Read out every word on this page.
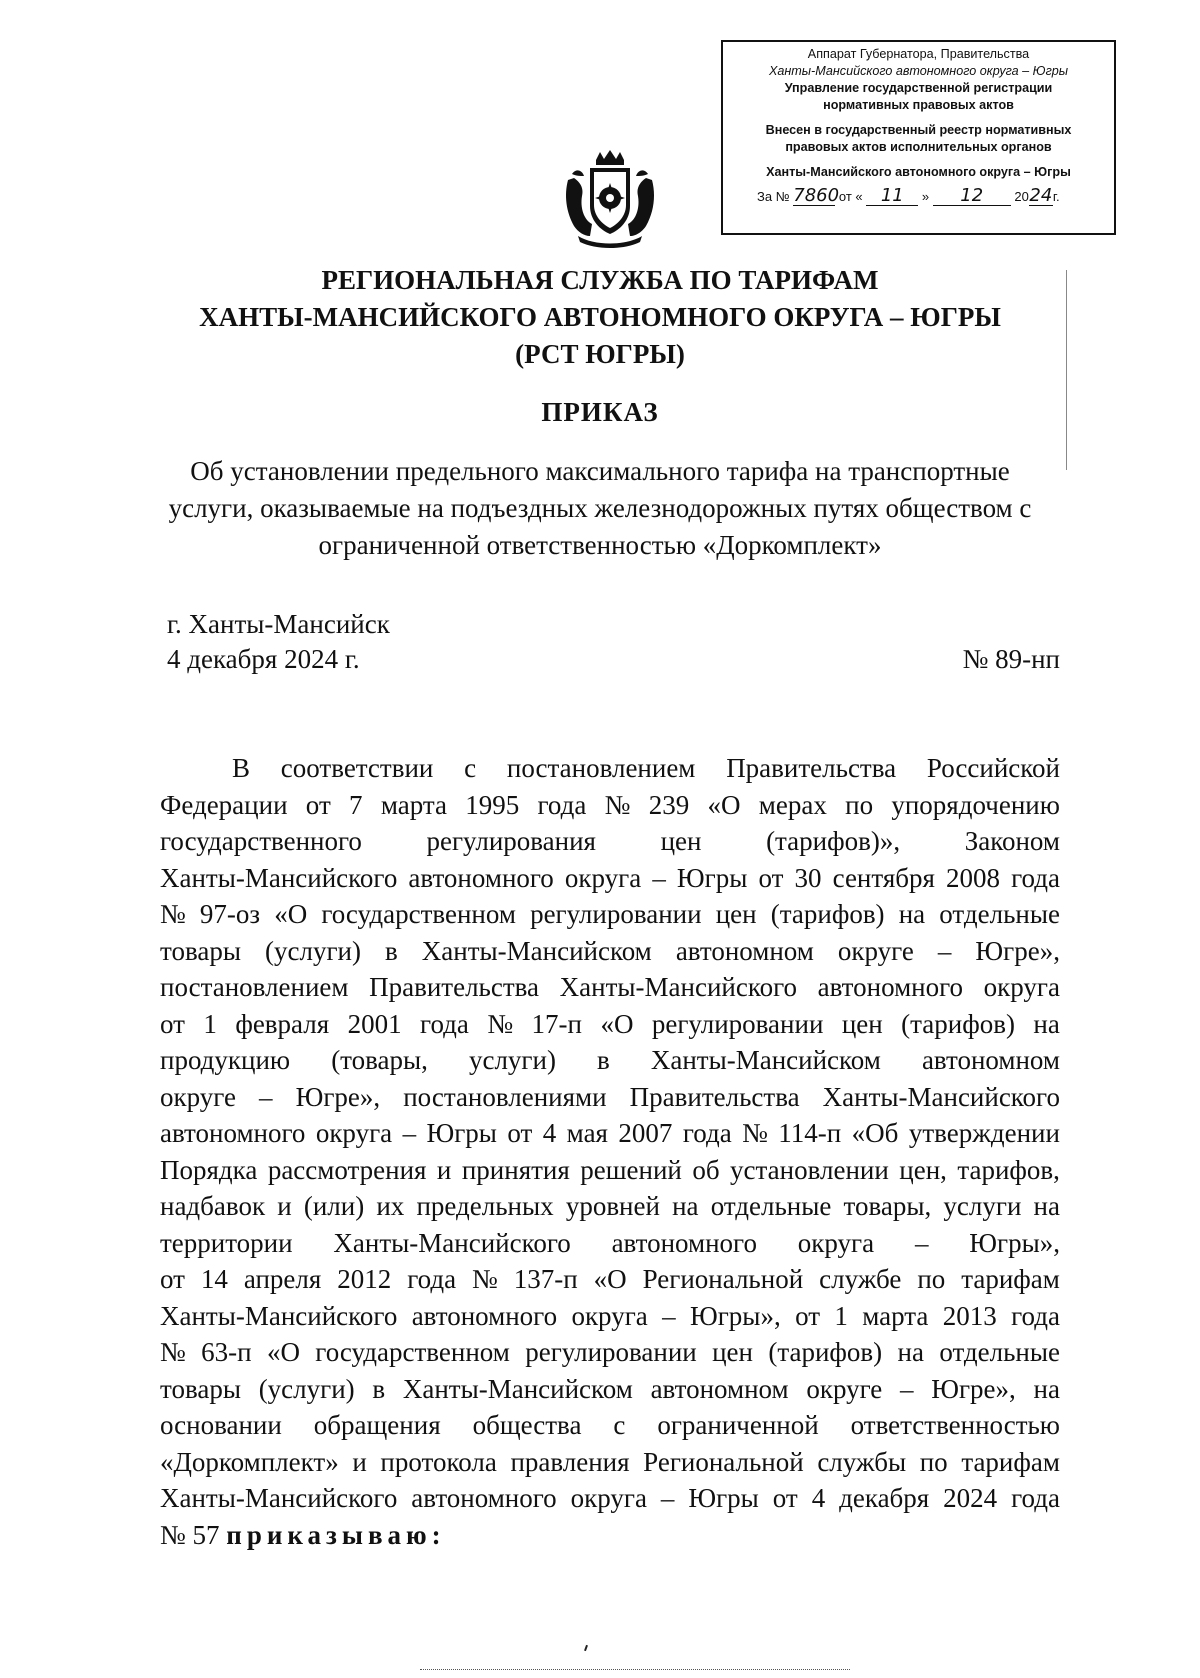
Аппарат Губернатора, Правительства
Ханты-Мансийского автономного округа – Югры
Управление государственной регистрации
нормативных правовых актов
Внесен в государственный реестр нормативных
правовых актов исполнительных органов
Ханты-Мансийского автономного округа – Югры
За № 7860 от « 11 » 12 2024г.
РЕГИОНАЛЬНАЯ СЛУЖБА ПО ТАРИФАМ
ХАНТЫ-МАНСИЙСКОГО АВТОНОМНОГО ОКРУГА – ЮГРЫ
(РСТ ЮГРЫ)
ПРИКАЗ
Об установлении предельного максимального тарифа на транспортные
услуги, оказываемые на подъездных железнодорожных путях обществом с
ограниченной ответственностью «Доркомплект»
г. Ханты-Мансийск
4 декабря 2024 г.	№ 89-нп
В соответствии с постановлением Правительства Российской
Федерации от 7 марта 1995 года № 239 «О мерах по упорядочению
государственного регулирования цен (тарифов)», Законом
Ханты-Мансийского автономного округа – Югры от 30 сентября 2008 года
№ 97-оз «О государственном регулировании цен (тарифов) на отдельные
товары (услуги) в Ханты-Мансийском автономном округе – Югре»,
постановлением Правительства Ханты-Мансийского автономного округа
от 1 февраля 2001 года № 17-п «О регулировании цен (тарифов) на
продукцию (товары, услуги) в Ханты-Мансийском автономном
округе – Югре», постановлениями Правительства Ханты-Мансийского
автономного округа – Югры от 4 мая 2007 года № 114-п «Об утверждении
Порядка рассмотрения и принятия решений об установлении цен, тарифов,
надбавок и (или) их предельных уровней на отдельные товары, услуги на
территории Ханты-Мансийского автономного округа – Югры»,
от 14 апреля 2012 года № 137-п «О Региональной службе по тарифам
Ханты-Мансийского автономного округа – Югры», от 1 марта 2013 года
№ 63-п «О государственном регулировании цен (тарифов) на отдельные
товары (услуги) в Ханты-Мансийском автономном округе – Югре», на
основании обращения общества с ограниченной ответственностью
«Доркомплект» и протокола правления Региональной службы по тарифам
Ханты-Мансийского автономного округа – Югры от 4 декабря 2024 года
№ 57
приказываю:
